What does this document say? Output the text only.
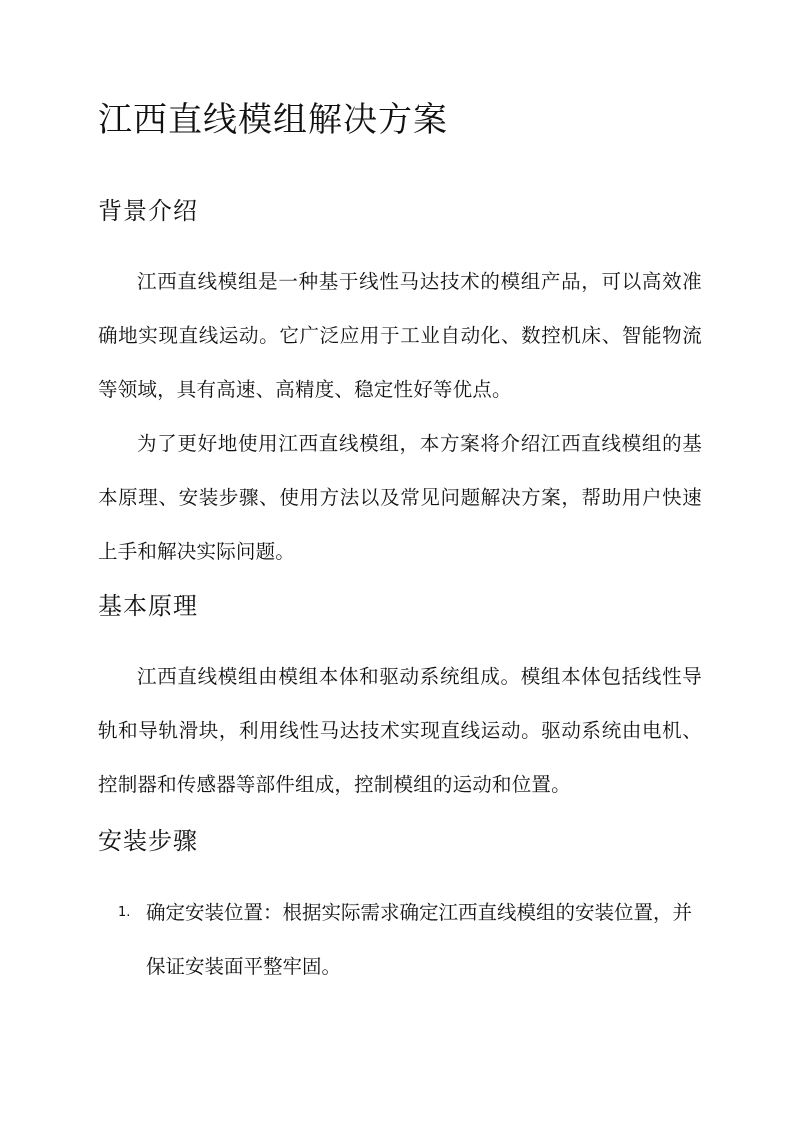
江西直线模组解决方案
背景介绍

江西直线模组是一种基于线性马达技术的模组产品，可以高效准确地实现直线运动。它广泛应用于工业自动化、数控机床、智能物流等领域，具有高速、高精度、稳定性好等优点。

为了更好地使用江西直线模组，本方案将介绍江西直线模组的基本原理、安装步骤、使用方法以及常见问题解决方案，帮助用户快速上手和解决实际问题。

基本原理

江西直线模组由模组本体和驱动系统组成。模组本体包括线性导轨和导轨滑块，利用线性马达技术实现直线运动。驱动系统由电机、控制器和传感器等部件组成，控制模组的运动和位置。

安装步骤
1. 确定安装位置：根据实际需求确定江西直线模组的安装位置，并保证安装面平整牢固。
